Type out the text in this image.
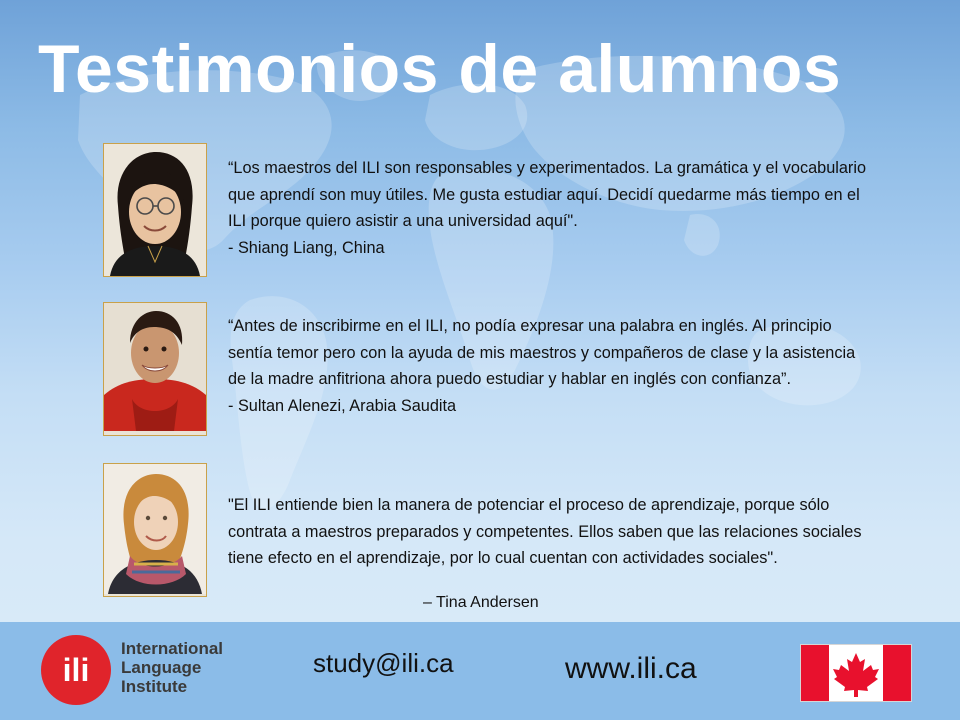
Testimonios de alumnos

“Los maestros del ILI son responsables y experimentados. La gramática y el vocabulario que aprendí son muy útiles. Me gusta estudiar aquí. Decidí quedarme más tiempo en el ILI porque quiero asistir a una universidad aquí".

- Shiang Liang, China

“Antes de inscribirme en el ILI, no podía expresar una palabra en inglés. Al principio sentía temor pero con la ayuda de mis maestros y compañeros de clase y la asistencia de la madre anfitriona ahora puedo estudiar y hablar en inglés con confianza”.

- Sultan Alenezi, Arabia Saudita

"El ILI entiende bien la manera de potenciar el proceso de aprendizaje, porque sólo contrata a maestros preparados y competentes. Ellos saben que las relaciones sociales tiene efecto en el aprendizaje, por lo cual cuentan con actividades sociales".

– Tina Andersen
ili
International
Language
Institute
study@ili.ca	www.ili.ca
